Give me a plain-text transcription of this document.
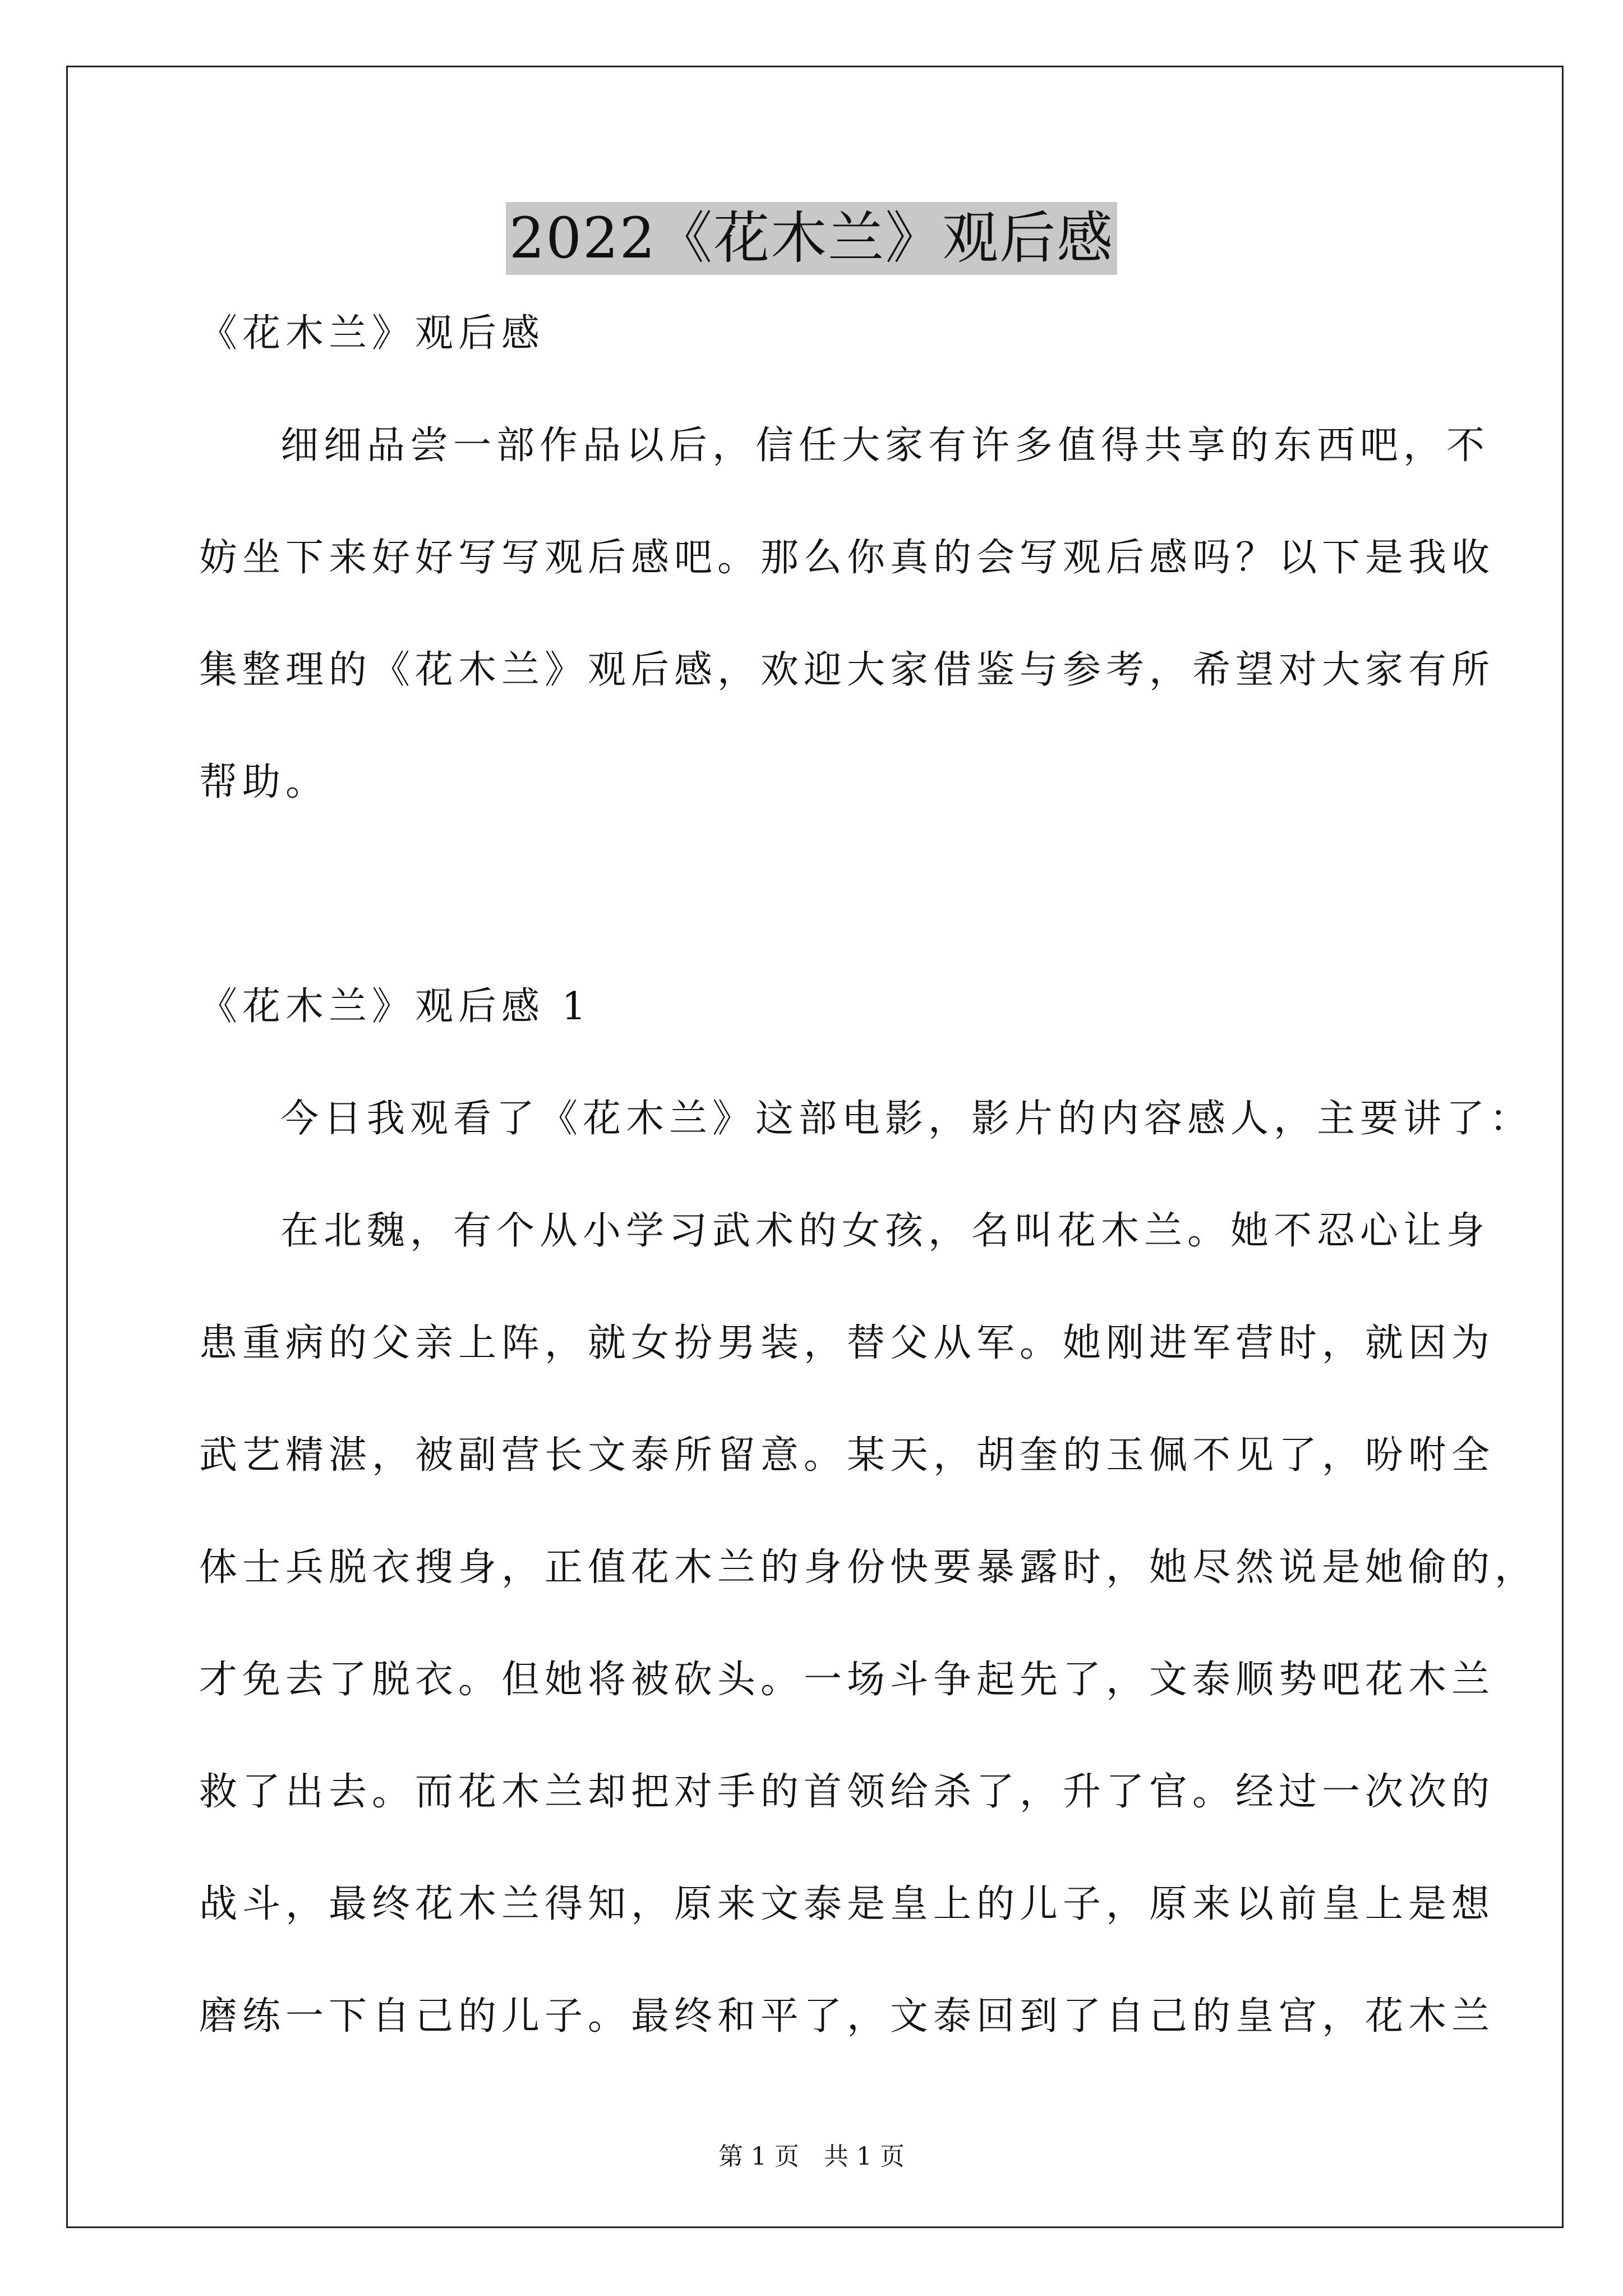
2022《花木兰》观后感
《花木兰》观后感
细细品尝一部作品以后，信任大家有许多值得共享的东西吧，不
妨坐下来好好写写观后感吧。那么你真的会写观后感吗？以下是我收
集整理的《花木兰》观后感，欢迎大家借鉴与参考，希望对大家有所
帮助。
《花木兰》观后感 1
今日我观看了《花木兰》这部电影，影片的内容感人，主要讲了：
在北魏，有个从小学习武术的女孩，名叫花木兰。她不忍心让身
患重病的父亲上阵，就女扮男装，替父从军。她刚进军营时，就因为
武艺精湛，被副营长文泰所留意。某天，胡奎的玉佩不见了，吩咐全
体士兵脱衣搜身，正值花木兰的身份快要暴露时，她尽然说是她偷的，
才免去了脱衣。但她将被砍头。一场斗争起先了，文泰顺势吧花木兰
救了出去。而花木兰却把对手的首领给杀了，升了官。经过一次次的
战斗，最终花木兰得知，原来文泰是皇上的儿子，原来以前皇上是想
磨练一下自己的儿子。最终和平了，文泰回到了自己的皇宫，花木兰
第 1 页 共 1 页
